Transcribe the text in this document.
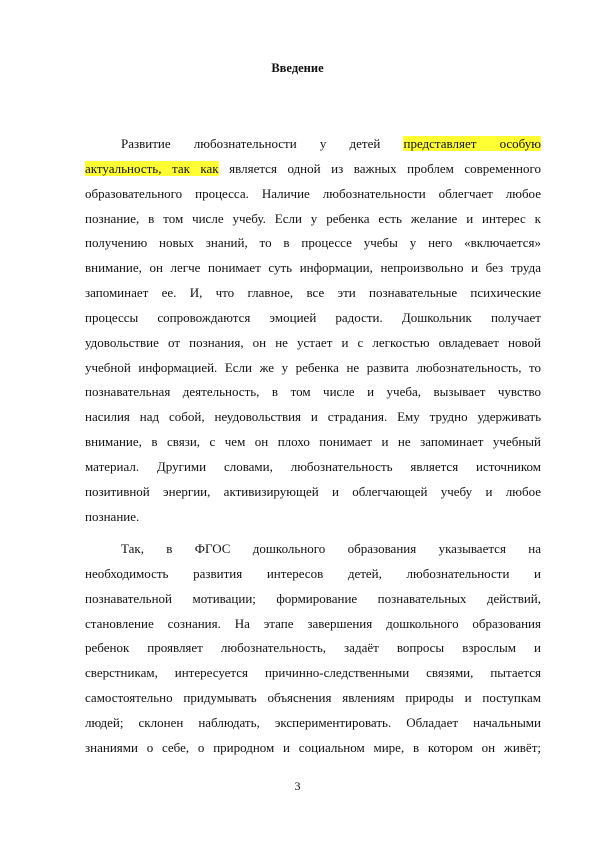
Введение
Развитие любознательности у детей представляет особую
актуальность, так как является одной из важных проблем современного
образовательного процесса. Наличие любознательности облегчает любое
познание, в том числе учебу. Если у ребенка есть желание и интерес к
получению новых знаний, то в процессе учебы у него «включается»
внимание, он легче понимает суть информации, непроизвольно и без труда
запоминает ее. И, что главное, все эти познавательные психические
процессы сопровождаются эмоцией радости. Дошкольник получает
удовольствие от познания, он не устает и с легкостью овладевает новой
учебной информацией. Если же у ребенка не развита любознательность, то
познавательная деятельность, в том числе и учеба, вызывает чувство
насилия над собой, неудовольствия и страдания. Ему трудно удерживать
внимание, в связи, с чем он плохо понимает и не запоминает учебный
материал. Другими словами, любознательность является источником
позитивной энергии, активизирующей и облегчающей учебу и любое
познание.
Так, в ФГОС дошкольного образования указывается на
необходимость развития интересов детей, любознательности и
познавательной мотивации; формирование познавательных действий,
становление сознания. На этапе завершения дошкольного образования
ребенок проявляет любознательность, задаёт вопросы взрослым и
сверстникам, интересуется причинно-следственными связями, пытается
самостоятельно придумывать объяснения явлениям природы и поступкам
людей; склонен наблюдать, экспериментировать. Обладает начальными
знаниями о себе, о природном и социальном мире, в котором он живёт;
3
